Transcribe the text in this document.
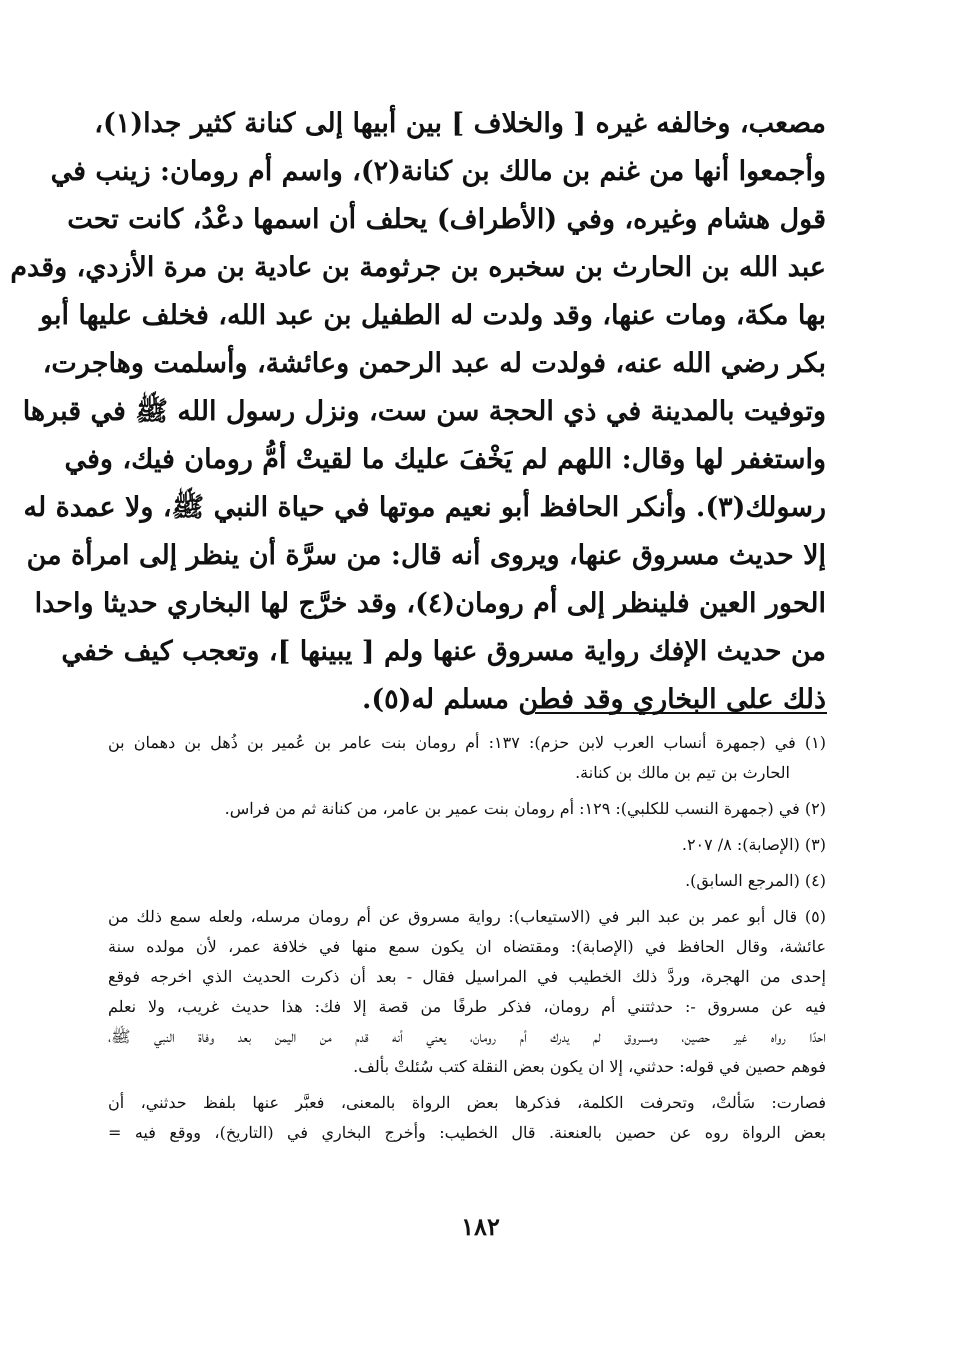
مصعب، وخالفه غيره [ والخلاف ] بين أبيها إلى كنانة كثير جدا(١)،
وأجمعوا أنها من غنم بن مالك بن كنانة(٢)، واسم أم رومان: زينب في
قول هشام وغيره، وفي (الأطراف) يحلف أن اسمها دعْدُ، كانت تحت
عبد الله بن الحارث بن سخبره بن جرثومة بن عادية بن مرة الأزدي، وقدم
بها مكة، ومات عنها، وقد ولدت له الطفيل بن عبد الله، فخلف عليها أبو
بكر رضي الله عنه، فولدت له عبد الرحمن وعائشة، وأسلمت وهاجرت،
وتوفيت بالمدينة في ذي الحجة سن ست، ونزل رسول الله ﷺ في قبرها
واستغفر لها وقال: اللهم لم يَخْفَ عليك ما لقيتْ أمُّ رومان فيك، وفي
رسولك(٣). وأنكر الحافظ أبو نعيم موتها في حياة النبي ﷺ، ولا عمدة له
إلا حديث مسروق عنها، ويروى أنه قال: من سرَّة أن ينظر إلى امرأة من
الحور العين فلينظر إلى أم رومان(٤)، وقد خرَّج لها البخاري حديثا واحدا
من حديث الإفك رواية مسروق عنها ولم [ يبينها ]، وتعجب كيف خفي
ذلك على البخاري وقد فطن مسلم له(٥).
(١) في (جمهرة أنساب العرب لابن حزم): ١٣٧: أم رومان بنت عامر بن عُمير بن ذُهل بن دهمان بن
الحارث بن تيم بن مالك بن كنانة.
(٢) في (جمهرة النسب للكلبي): ١٢٩: أم رومان بنت عمير بن عامر، من كنانة ثم من فراس.
(٣) (الإصابة): ٨/ ٢٠٧.
(٤) (المرجع السابق).
(٥) قال أبو عمر بن عبد البر في (الاستيعاب): رواية مسروق عن أم رومان مرسله، ولعله سمع ذلك من
عائشة، وقال الحافظ في (الإصابة): ومقتضاه ان يكون سمع منها في خلافة عمر، لأن مولده سنة
إحدى من الهجرة، وردَّ ذلك الخطيب في المراسيل فقال - بعد أن ذكرت الحديث الذي اخرجه فوقع
فيه عن مسروق -: حدثتني أم رومان، فذكر طرفًا من قصة إلا فك: هذا حديث غريب، ولا نعلم
احدًا رواه غير حصين، ومسروق لم يدرك أم رومان، يعني أنه قدم من اليمن بعد وفاة النبي ﷺ،
فوهم حصين في قوله: حدثني، إلا ان يكون بعض النقلة كتب سُئلتْ بألف.
فصارت: سَألتْ، وتحرفت الكلمة، فذكرها بعض الرواة بالمعنى، فعبَّر عنها بلفظ حدثني، أن
بعض الرواة روه عن حصين بالعنعنة. قال الخطيب: وأخرج البخاري في (التاريخ)، ووقع فيه =
١٨٢
